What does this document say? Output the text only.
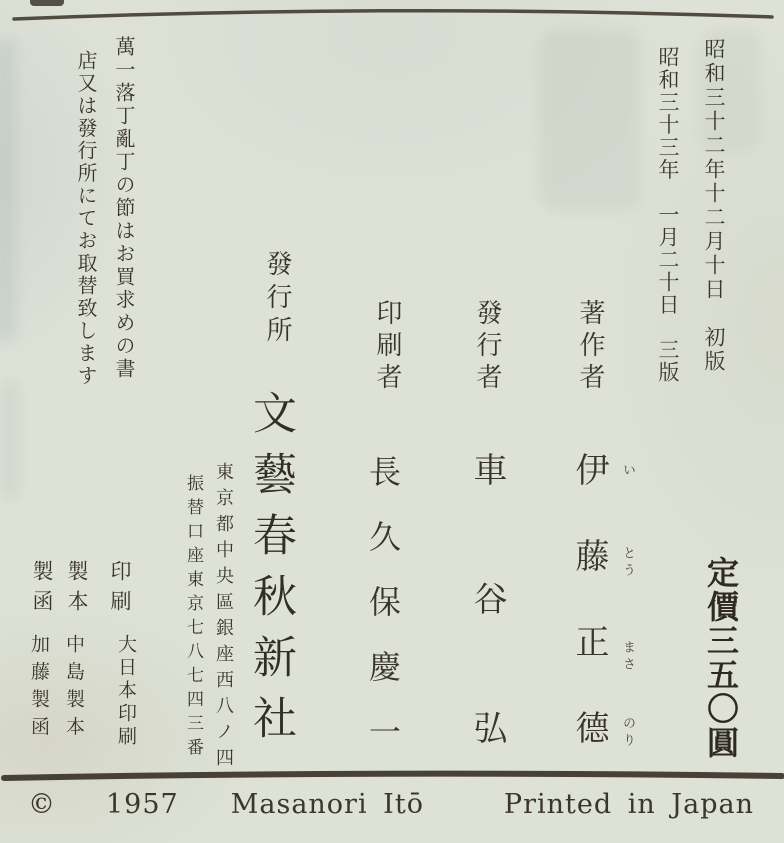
昭和三十二年十二月十日　初版
昭和三十三年　一月二十日　三版
定價三五〇圓
著作者
伊藤正德 い
とう
まさ
のり
發行者
車谷弘
印刷者
長久保慶一
發行所
文藝春秋新社
東京都中央區銀座西八ノ四
振替口座東京七八七四三番
萬一落丁亂丁の節はお買求めの書
店又は發行所にてお取替致します
印刷
大日本印刷
製本
中島製本
製函
加藤製函
© 1957 Masanori Itō	Printed in Japan
